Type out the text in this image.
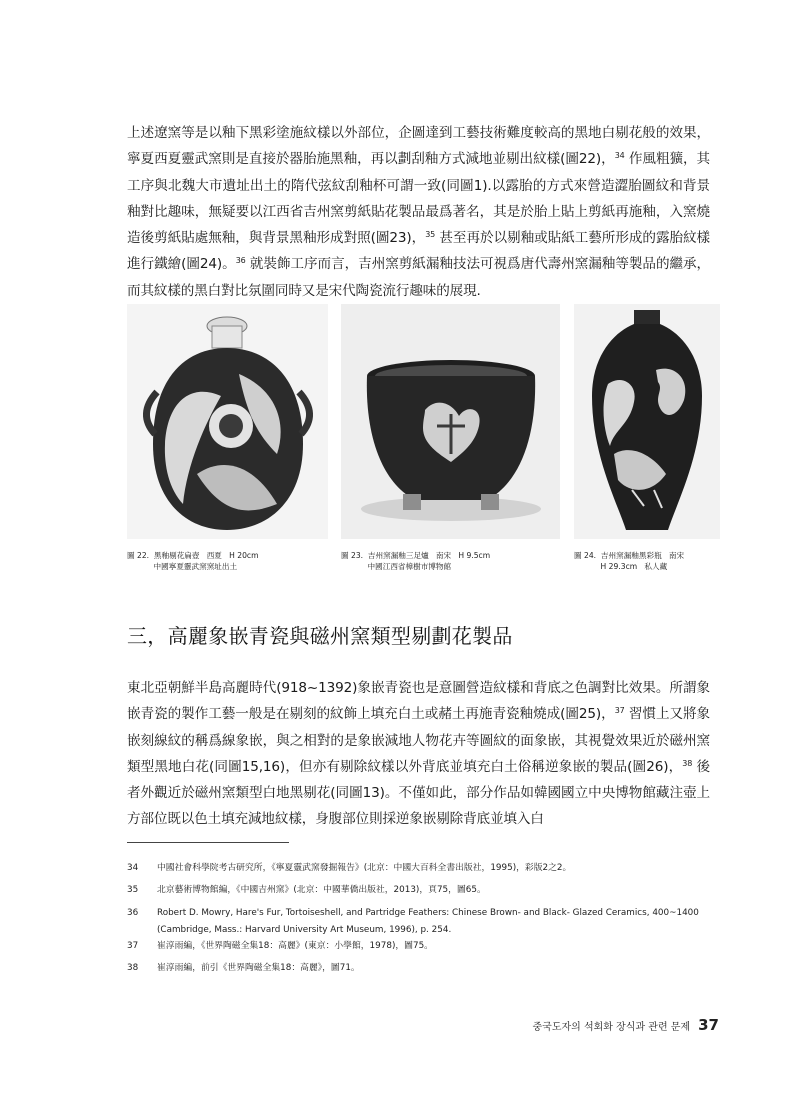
上述遼窯等是以釉下黑彩塗施紋樣以外部位，企圖達到工藝技術難度較高的黑地白剔花般的效果，寧夏西夏靈武窯則是直接於器胎施黑釉，再以劃刮釉方式減地並剔出紋樣(圖22)，$^{34}$ 作風粗獷，其工序與北魏大市遺址出土的隋代弦紋刮釉杯可謂一致(同圖1).以露胎的方式來營造澀胎圖紋和背景釉對比趣味，無疑要以江西省吉州窯剪紙貼花製品最爲著名，其是於胎上貼上剪紙再施釉，入窯燒造後剪紙貼處無釉，與背景黑釉形成對照(圖23)，$^{35}$ 甚至再於以剔釉或貼紙工藝所形成的露胎紋樣進行鐵繪(圖24)。$^{36}$ 就裝飾工序而言，吉州窯剪紙漏釉技法可視爲唐代壽州窯漏釉等製品的繼承，而其紋樣的黑白對比氛圍同時又是宋代陶瓷流行趣味的展現.
圖 22.  黑釉剔花扁壺   西夏   H 20cm
中國寧夏靈武窯窯址出土
圖 23.  吉州窯漏釉三足爐   南宋   H 9.5cm
中國江西省樟樹市博物館
圖 24.  吉州窯漏釉黑彩瓶   南宋
H 29.3cm   私人藏
三，高麗象嵌青瓷與磁州窯類型剔劃花製品
東北亞朝鮮半島高麗時代(918~1392)象嵌青瓷也是意圖營造紋樣和背底之色調對比效果。所謂象嵌青瓷的製作工藝一般是在剔刻的紋飾上填充白土或赭土再施青瓷釉燒成(圖25)，$^{37}$ 習慣上又將象嵌刻線紋的稱爲線象嵌，與之相對的是象嵌減地人物花卉等圖紋的面象嵌，其視覺效果近於磁州窯類型黑地白花(同圖15,16)，但亦有剔除紋樣以外背底並填充白土俗稱逆象嵌的製品(圖26)，$^{38}$ 後者外觀近於磁州窯類型白地黑剔花(同圖13)。不僅如此，部分作品如韓國國立中央博物館藏注壺上方部位既以色土填充減地紋樣，身腹部位則採逆象嵌剔除背底並填入白
34	中國社會科學院考古研究所，《寧夏靈武窯發掘報告》(北京：中國大百科全書出版社，1995)，彩版2之2。
35	北京藝術博物館編，《中國吉州窯》(北京：中國華僑出版社，2013)，頁75，圖65。
36	Robert D. Mowry, Hare's Fur, Tortoiseshell, and Partridge Feathers: Chinese Brown- and Black- Glazed Ceramics, 400~1400 (Cambridge, Mass.: Harvard University Art Museum, 1996), p. 254.
37	崔淳雨編，《世界陶磁全集18：高麗》(東京：小學館，1978)，圖75。
38	崔淳雨編，前引《世界陶磁全集18：高麗》，圖71。
중국도자의 석회화 장식과 관련 문제 37
